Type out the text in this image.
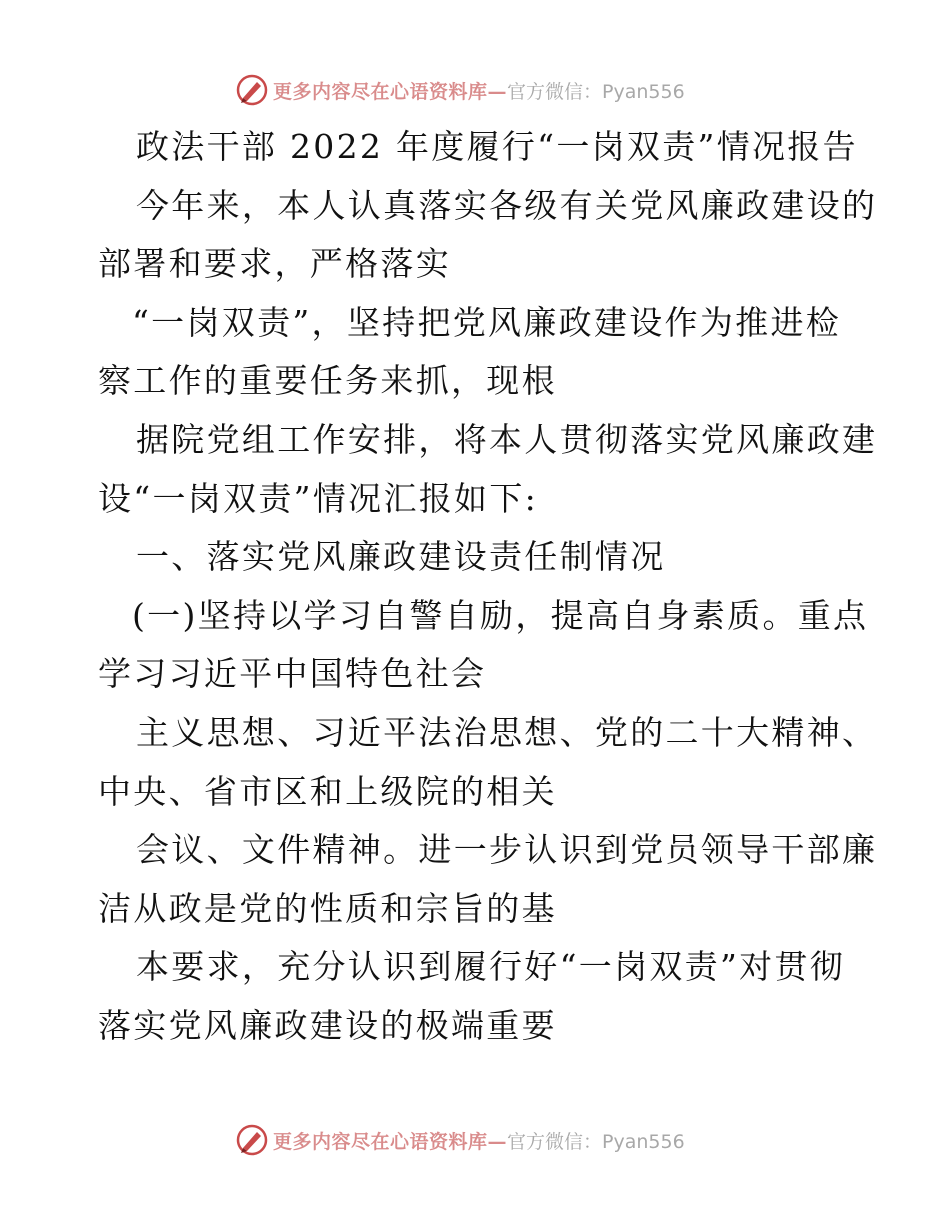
更多内容尽在心语资料库— 官方微信：Pyan556
政法干部 2022 年度履行“一岗双责”情况报告
今年来，本人认真落实各级有关党风廉政建设的
部署和要求，严格落实
“一岗双责”，坚持把党风廉政建设作为推进检
察工作的重要任务来抓，现根
据院党组工作安排，将本人贯彻落实党风廉政建
设“一岗双责”情况汇报如下:
一、落实党风廉政建设责任制情况
(一)坚持以学习自警自励，提高自身素质。重点
学习习近平中国特色社会
主义思想、习近平法治思想、党的二十大精神、
中央、省市区和上级院的相关
会议、文件精神。进一步认识到党员领导干部廉
洁从政是党的性质和宗旨的基
本要求，充分认识到履行好“一岗双责”对贯彻
落实党风廉政建设的极端重要
更多内容尽在心语资料库— 官方微信：Pyan556
